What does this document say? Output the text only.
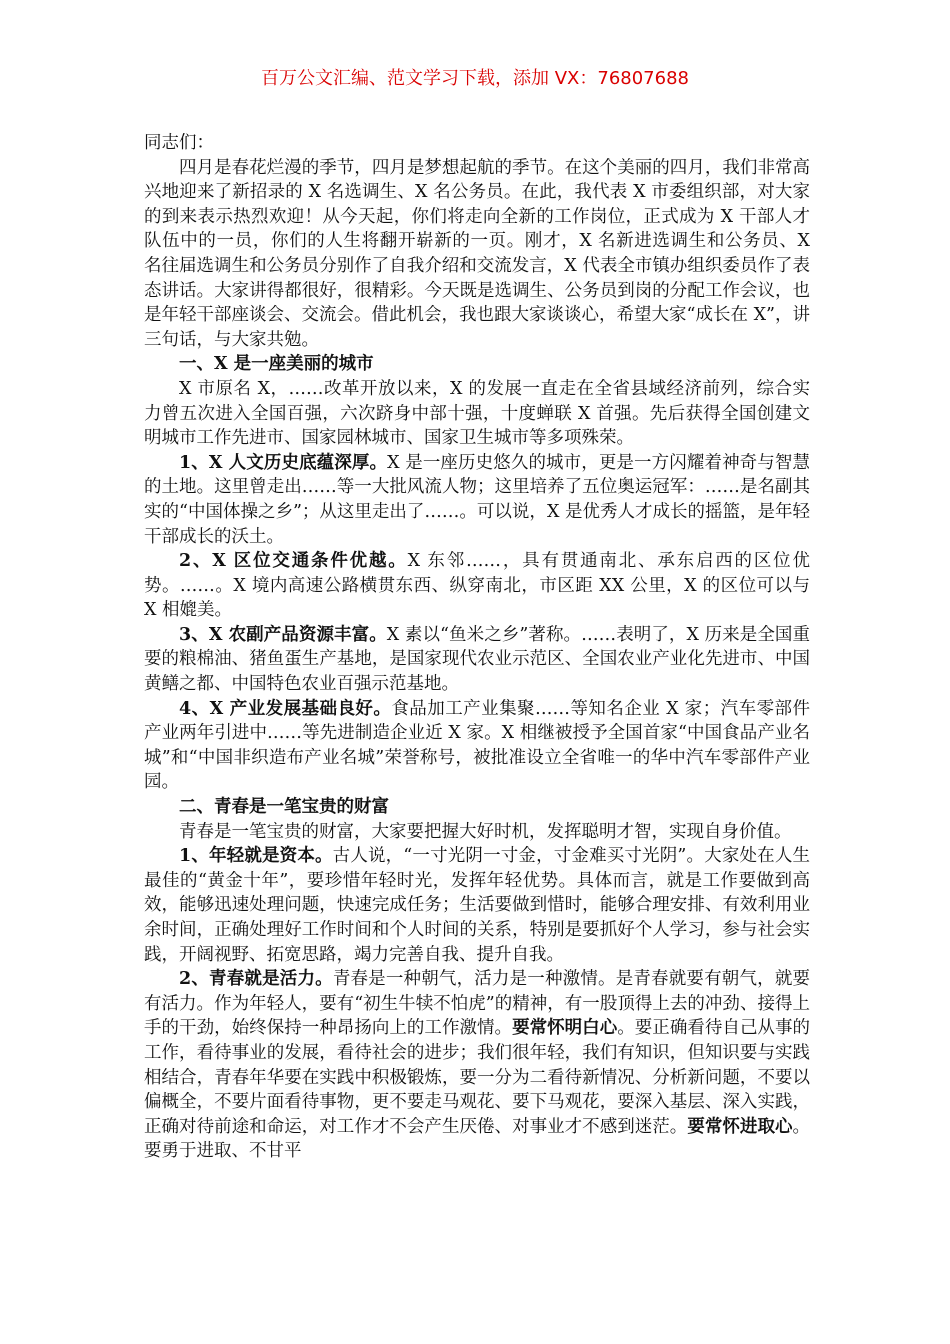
百万公文汇编、范文学习下载，添加 VX：76807688

同志们：

四月是春花烂漫的季节，四月是梦想起航的季节。在这个美丽的四月，我们非常高兴地迎来了新招录的 X 名选调生、X 名公务员。在此，我代表 X 市委组织部，对大家的到来表示热烈欢迎！从今天起，你们将走向全新的工作岗位，正式成为 X 干部人才队伍中的一员，你们的人生将翻开崭新的一页。刚才，X 名新进选调生和公务员、X 名往届选调生和公务员分别作了自我介绍和交流发言，X 代表全市镇办组织委员作了表态讲话。大家讲得都很好，很精彩。今天既是选调生、公务员到岗的分配工作会议，也是年轻干部座谈会、交流会。借此机会，我也跟大家谈谈心，希望大家“成长在 X”，讲三句话，与大家共勉。

一、X 是一座美丽的城市

X 市原名 X，……改革开放以来，X 的发展一直走在全省县域经济前列，综合实力曾五次进入全国百强，六次跻身中部十强，十度蝉联 X 首强。先后获得全国创建文明城市工作先进市、国家园林城市、国家卫生城市等多项殊荣。

1、X 人文历史底蕴深厚。X 是一座历史悠久的城市，更是一方闪耀着神奇与智慧的土地。这里曾走出……等一大批风流人物；这里培养了五位奥运冠军：……是名副其实的“中国体操之乡”；从这里走出了……。可以说，X 是优秀人才成长的摇篮，是年轻干部成长的沃土。

2、X 区位交通条件优越。X 东邻……，具有贯通南北、承东启西的区位优势。……。X 境内高速公路横贯东西、纵穿南北，市区距 XX 公里，X 的区位可以与 X 相媲美。

3、X 农副产品资源丰富。X 素以“鱼米之乡”著称。……表明了，X 历来是全国重要的粮棉油、猪鱼蛋生产基地，是国家现代农业示范区、全国农业产业化先进市、中国黄鳝之都、中国特色农业百强示范基地。

4、X 产业发展基础良好。食品加工产业集聚……等知名企业 X 家；汽车零部件产业两年引进中……等先进制造企业近 X 家。X 相继被授予全国首家“中国食品产业名城”和“中国非织造布产业名城”荣誉称号，被批准设立全省唯一的华中汽车零部件产业园。

二、青春是一笔宝贵的财富

青春是一笔宝贵的财富，大家要把握大好时机，发挥聪明才智，实现自身价值。

1、年轻就是资本。古人说，“一寸光阴一寸金，寸金难买寸光阴”。大家处在人生最佳的“黄金十年”，要珍惜年轻时光，发挥年轻优势。具体而言，就是工作要做到高效，能够迅速处理问题，快速完成任务；生活要做到惜时，能够合理安排、有效利用业余时间，正确处理好工作时间和个人时间的关系，特别是要抓好个人学习，参与社会实践，开阔视野、拓宽思路，竭力完善自我、提升自我。

2、青春就是活力。青春是一种朝气，活力是一种激情。是青春就要有朝气，就要有活力。作为年轻人，要有“初生牛犊不怕虎”的精神，有一股顶得上去的冲劲、接得上手的干劲，始终保持一种昂扬向上的工作激情。要常怀明白心。要正确看待自己从事的工作，看待事业的发展，看待社会的进步；我们很年轻，我们有知识，但知识要与实践相结合，青春年华要在实践中积极锻炼，要一分为二看待新情况、分析新问题，不要以偏概全，不要片面看待事物，更不要走马观花、要下马观花，要深入基层、深入实践，正确对待前途和命运，对工作才不会产生厌倦、对事业才不感到迷茫。要常怀进取心。要勇于进取、不甘平
